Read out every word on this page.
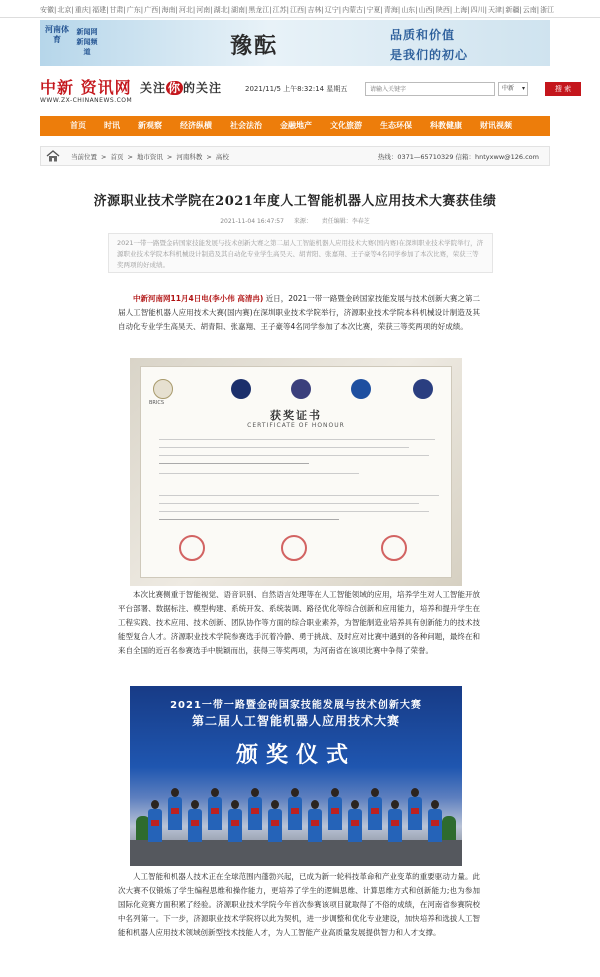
安徽|北京|重庆|福建|甘肃|广东|广西|海南|河北|河南|湖北|湖南|黑龙江|江苏|江西|吉林|辽宁|内蒙古|宁夏|青海|山东|山西|陕西|上海|四川|天津|新疆|云南|浙江
河南体育
新闻网 新闻频道	豫酝	品质和价值
是我们的初心
中新 资讯网
WWW.ZX-CHINANEWS.COM
关注 你 的关注	2021/11/5 上午8:32:14 星期五
请输入关键字	中新 ▾	搜 索
首页 时讯 新观察 经济纵横 社会法治 金融地产 文化旅游 生态环保 科教健康 财讯视频
当前位置 > 首页 > 地市资讯 > 河南科教 > 高校	热线：0371—65710329 信箱：hntyxww@126.com
济源职业技术学院在2021年度人工智能机器人应用技术大赛获佳绩
2021-11-04 16:47:57 来源： 责任编辑：李春芝
2021一带一路暨金砖国家技能发展与技术创新大赛之第二届人工智能机器人应用技术大赛(国内赛)在深圳职业技术学院举行，济源职业技术学院本科机械设计制造及其自动化专业学生高昊天、胡青阳、张嘉翔、王子豪等4名同学参加了本次比赛，荣获三等奖两项的好成绩。
中新河南网11月4日电(李小伟 高清冉) 近日，2021一带一路暨金砖国家技能发展与技术创新大赛之第二届人工智能机器人应用技术大赛(国内赛)在深圳职业技术学院举行，济源职业技术学院本科机械设计制造及其自动化专业学生高昊天、胡青阳、张嘉翔、王子豪等4名同学参加了本次比赛，荣获三等奖两项的好成绩。
BRICS
获奖证书
CERTIFICATE OF HONOUR
本次比赛侧重于智能视觉、语音识别、自然语言处理等在人工智能领域的应用，培养学生对人工智能开放平台部署、数据标注、模型构建、系统开发、系统装调、路径优化等综合创新和应用能力，培养和提升学生在工程实践、技术应用、技术创新、团队协作等方面的综合职业素养，为智能制造业培养具有创新能力的技术技能型复合人才。济源职业技术学院参赛选手沉着冷静、勇于挑战、及时应对比赛中遇到的各种问题，最终在和来自全国的近百名参赛选手中脱颖而出，获得三等奖两项，为河南省在该项比赛中争得了荣誉。
2021一带一路暨金砖国家技能发展与技术创新大赛
第二届人工智能机器人应用技术大赛
颁奖仪式
人工智能和机器人技术正在全球范围内蓬勃兴起，已成为新一轮科技革命和产业变革的重要驱动力量。此次大赛不仅锻炼了学生编程思维和操作能力，更培养了学生的逻辑思维、计算思维方式和创新能力;也为参加国际化竞赛方面积累了经验。济源职业技术学院今年首次参赛该项目就取得了不俗的成绩，在河南省参赛院校中名列第一。下一步，济源职业技术学院将以此为契机，进一步调整和优化专业建设，加快培养和选拔人工智能和机器人应用技术领域创新型技术技能人才，为人工智能产业高质量发展提供智力和人才支撑。
